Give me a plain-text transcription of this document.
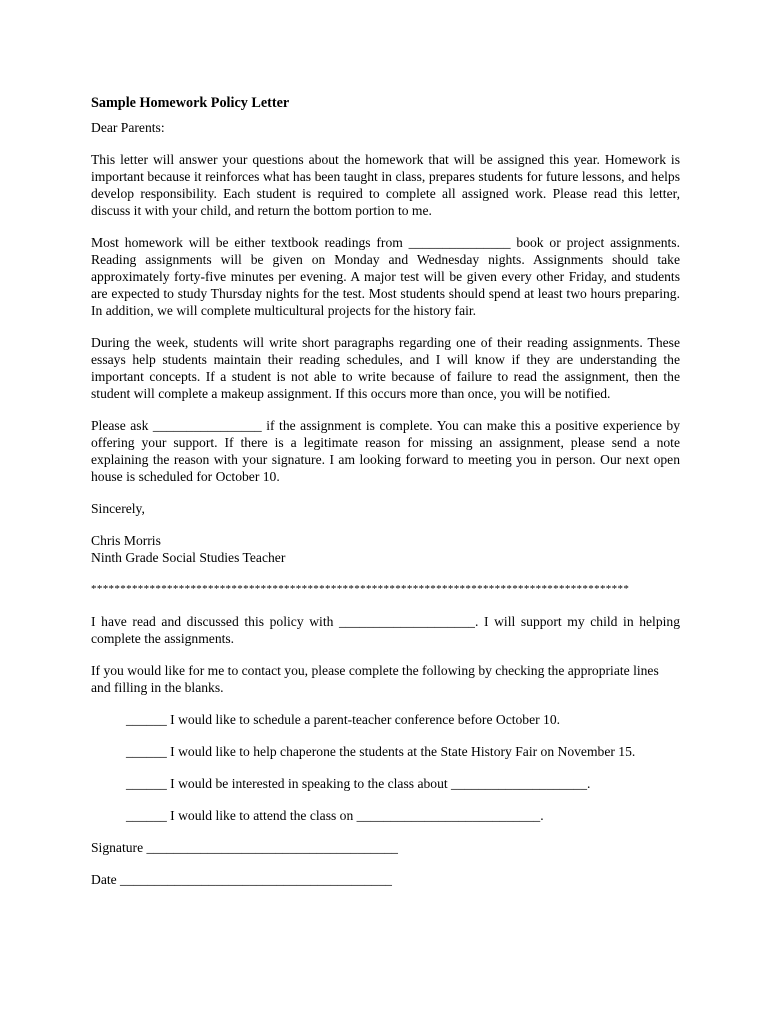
Sample Homework Policy Letter

Dear Parents:

This letter will answer your questions about the homework that will be assigned this year. Homework is important because it reinforces what has been taught in class, prepares students for future lessons, and helps develop responsibility. Each student is required to complete all assigned work. Please read this letter, discuss it with your child, and return the bottom portion to me.

Most homework will be either textbook readings from _______________ book or project assignments. Reading assignments will be given on Monday and Wednesday nights. Assignments should take approximately forty-five minutes per evening. A major test will be given every other Friday, and students are expected to study Thursday nights for the test. Most students should spend at least two hours preparing. In addition, we will complete multicultural projects for the history fair.

During the week, students will write short paragraphs regarding one of their reading assignments. These essays help students maintain their reading schedules, and I will know if they are understanding the important concepts. If a student is not able to write because of failure to read the assignment, then the student will complete a makeup assignment. If this occurs more than once, you will be notified.

Please ask ________________ if the assignment is complete. You can make this a positive experience by offering your support. If there is a legitimate reason for missing an assignment, please send a note explaining the reason with your signature. I am looking forward to meeting you in person. Our next open house is scheduled for October 10.

Sincerely,

Chris Morris

Ninth Grade Social Studies Teacher

********************************************************************************************

I have read and discussed this policy with ____________________. I will support my child in helping complete the assignments.

If you would like for me to contact you, please complete the following by checking the appropriate lines and filling in the blanks.

______ I would like to schedule a parent-teacher conference before October 10.

______ I would like to help chaperone the students at the State History Fair on November 15.

______ I would be interested in speaking to the class about ____________________.

______ I would like to attend the class on ___________________________.

Signature _____________________________________

Date ________________________________________
